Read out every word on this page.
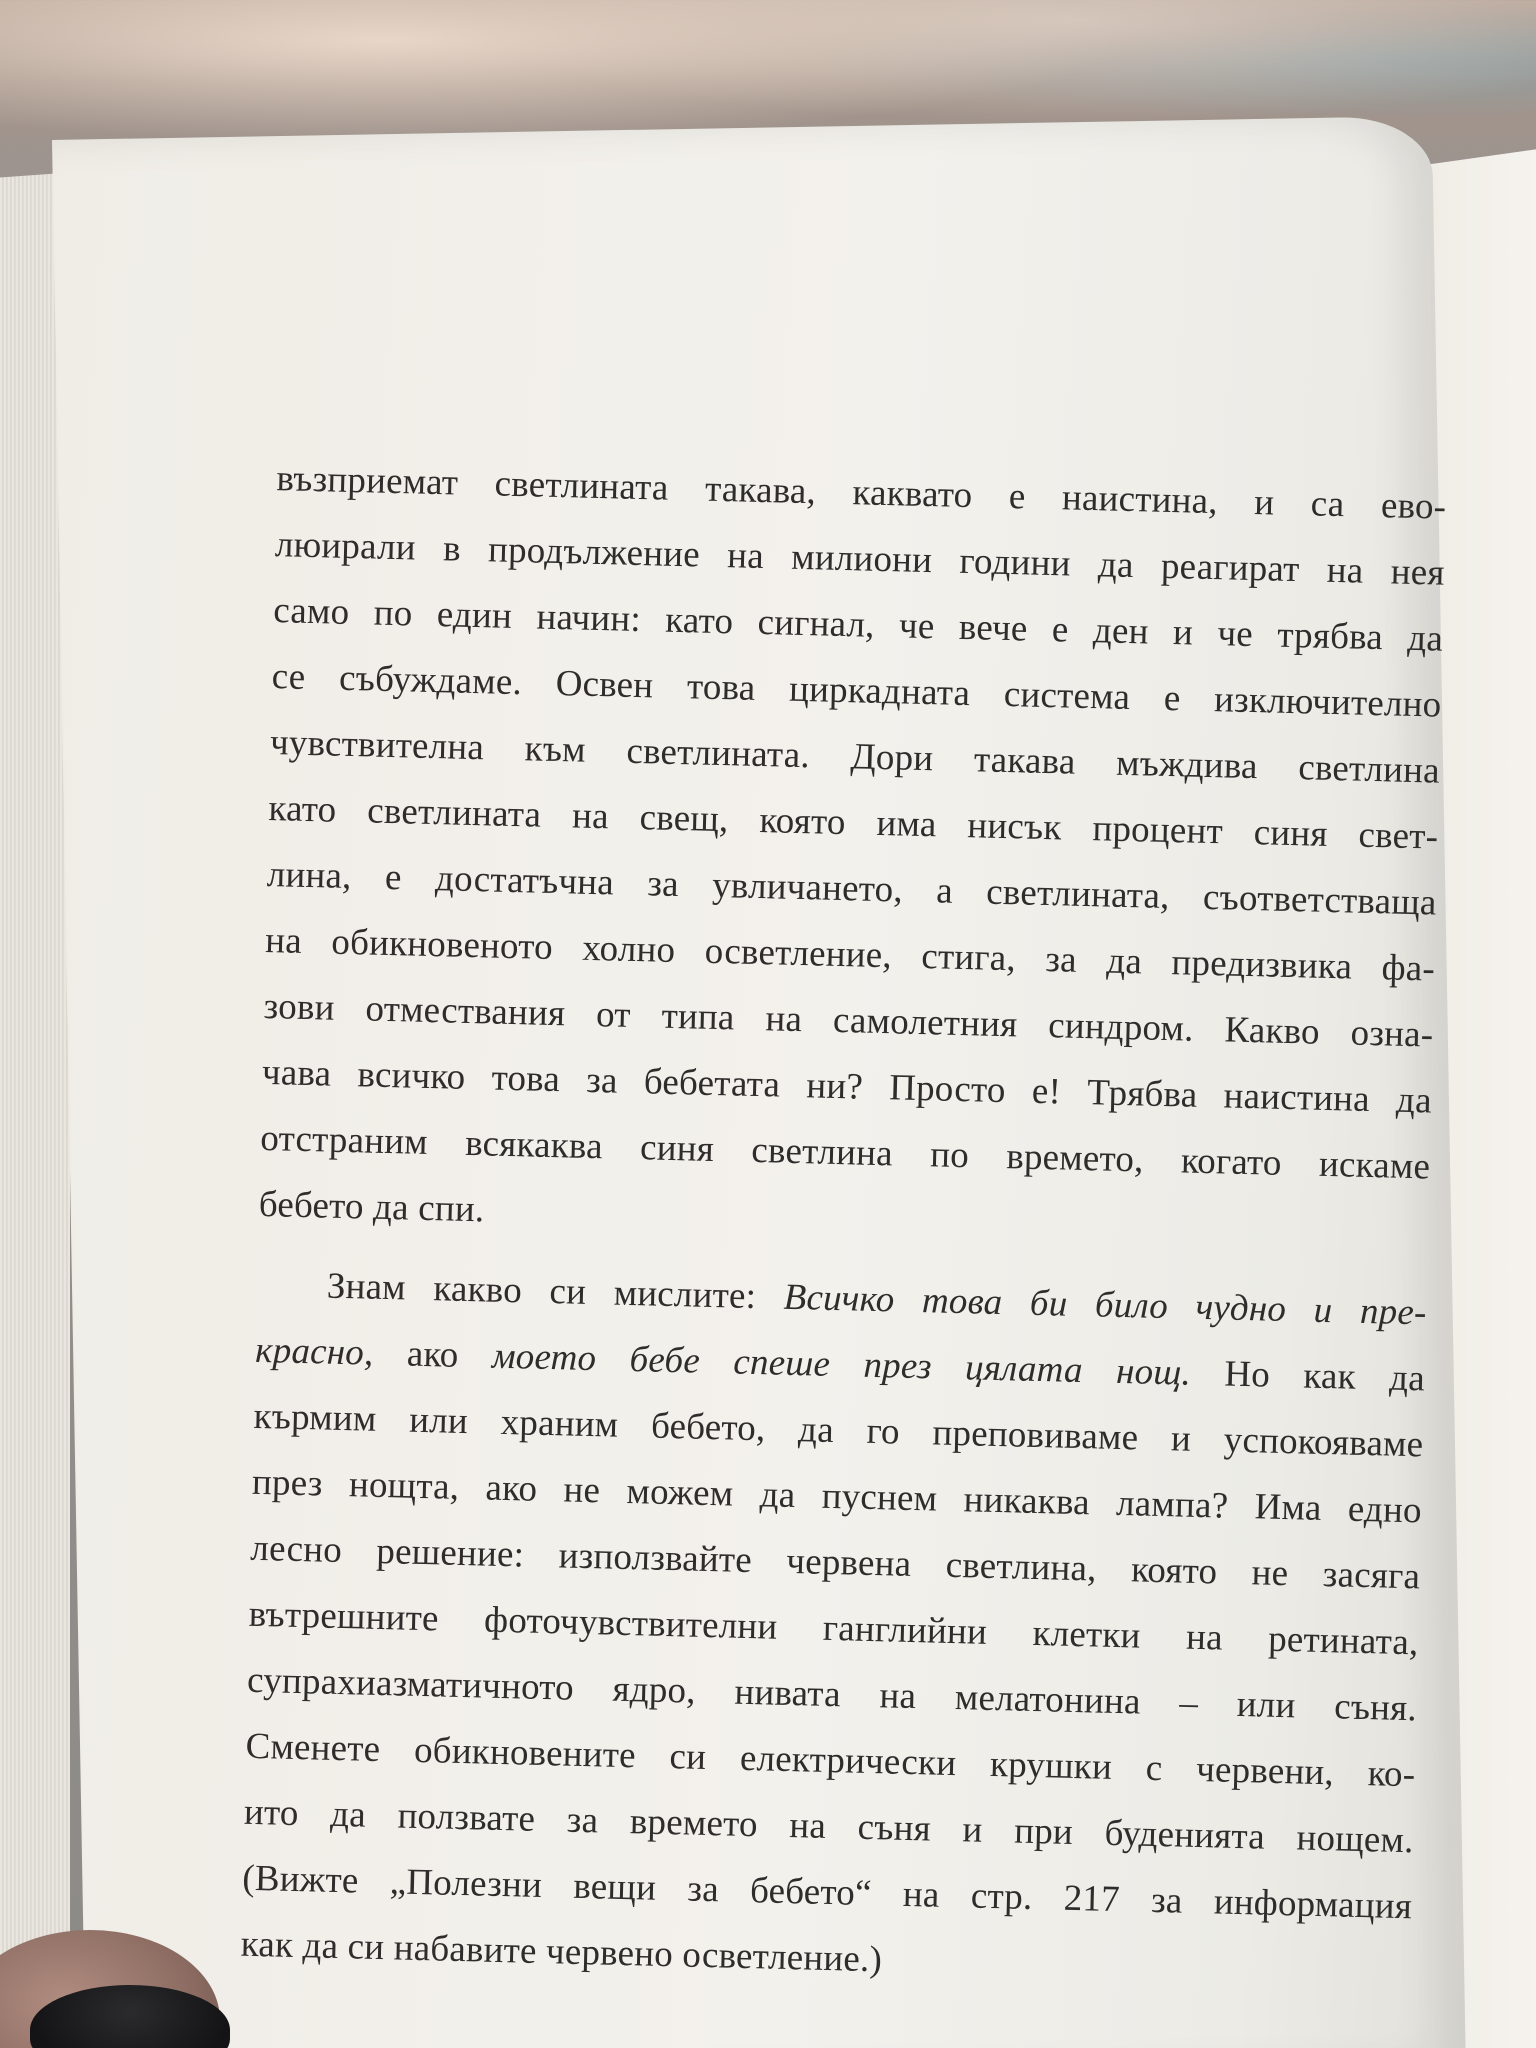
възприемат светлината такава, каквато е наистина, и са ево-
люирали в продължение на милиони години да реагират на нея
само по един начин: като сигнал, че вече е ден и че трябва да
се събуждаме. Освен това циркадната система е изключително
чувствителна към светлината. Дори такава мъждива светлина
като светлината на свещ, която има нисък процент синя свет-
лина, е достатъчна за увличането, а светлината, съответстваща
на обикновеното холно осветление, стига, за да предизвика фа-
зови отмествания от типа на самолетния синдром. Какво озна-
чава всичко това за бебетата ни? Просто е! Трябва наистина да
отстраним всякаква синя светлина по времето, когато искаме
бебето да спи.
Знам какво си мислите: Всичко това би било чудно и пре-
красно, ако моето бебе спеше през цялата нощ. Но как да
кърмим или храним бебето, да го преповиваме и успокояваме
през нощта, ако не можем да пуснем никаква лампа? Има едно
лесно решение: използвайте червена светлина, която не засяга
вътрешните фоточувствителни ганглийни клетки на ретината,
супрахиазматичното ядро, нивата на мелатонина – или съня.
Сменете обикновените си електрически крушки с червени, ко-
ито да ползвате за времето на съня и при буденията нощем.
(Вижте „Полезни вещи за бебето“ на стр. 217 за информация
как да си набавите червено осветление.)
